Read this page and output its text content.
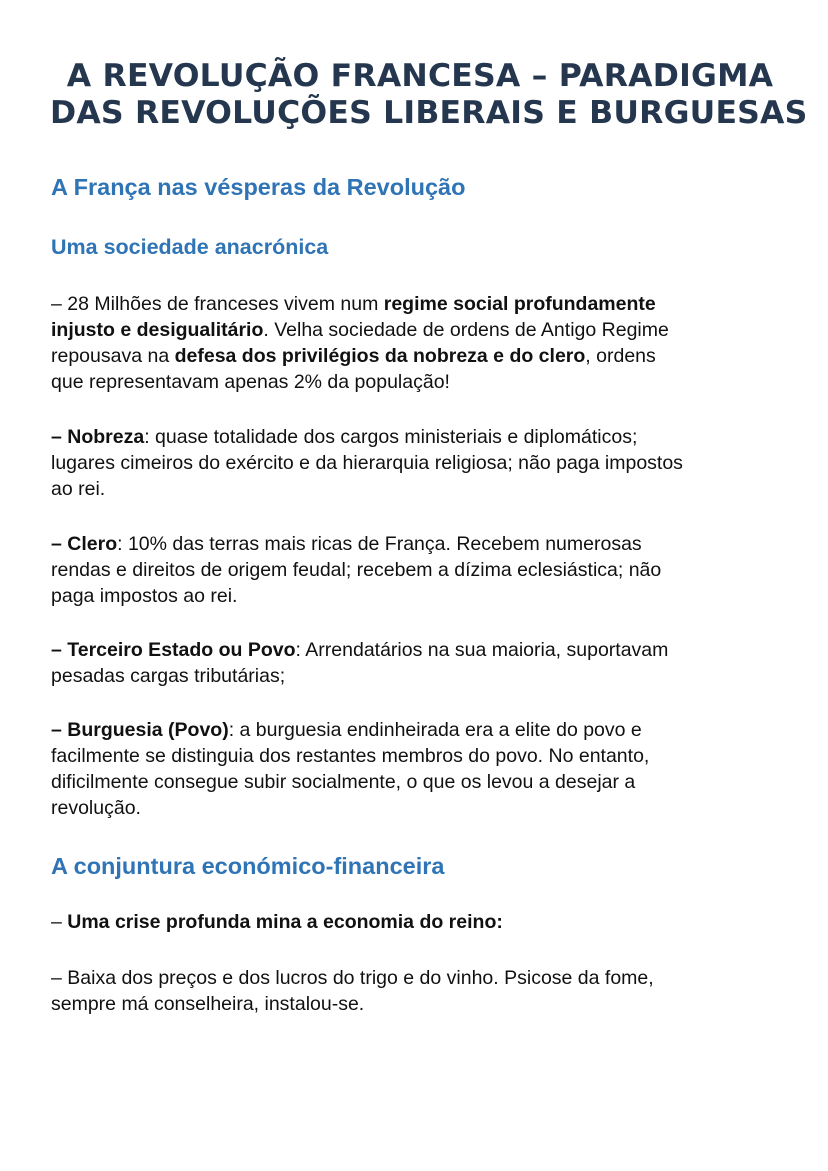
A REVOLUÇÃO FRANCESA – PARADIGMA
DAS REVOLUÇÕES LIBERAIS E BURGUESAS
A França nas vésperas da Revolução
Uma sociedade anacrónica

– 28 Milhões de franceses vivem num regime social profundamente
injusto e desigualitário. Velha sociedade de ordens de Antigo Regime
repousava na defesa dos privilégios da nobreza e do clero, ordens
que representavam apenas 2% da população!

– Nobreza: quase totalidade dos cargos ministeriais e diplomáticos;
lugares cimeiros do exército e da hierarquia religiosa; não paga impostos
ao rei.

– Clero: 10% das terras mais ricas de França. Recebem numerosas
rendas e direitos de origem feudal; recebem a dízima eclesiástica; não
paga impostos ao rei.

– Terceiro Estado ou Povo: Arrendatários na sua maioria, suportavam
pesadas cargas tributárias;

– Burguesia (Povo): a burguesia endinheirada era a elite do povo e
facilmente se distinguia dos restantes membros do povo. No entanto,
dificilmente consegue subir socialmente, o que os levou a desejar a
revolução.

A conjuntura económico-financeira

– Uma crise profunda mina a economia do reino:

– Baixa dos preços e dos lucros do trigo e do vinho. Psicose da fome,
sempre má conselheira, instalou-se.
